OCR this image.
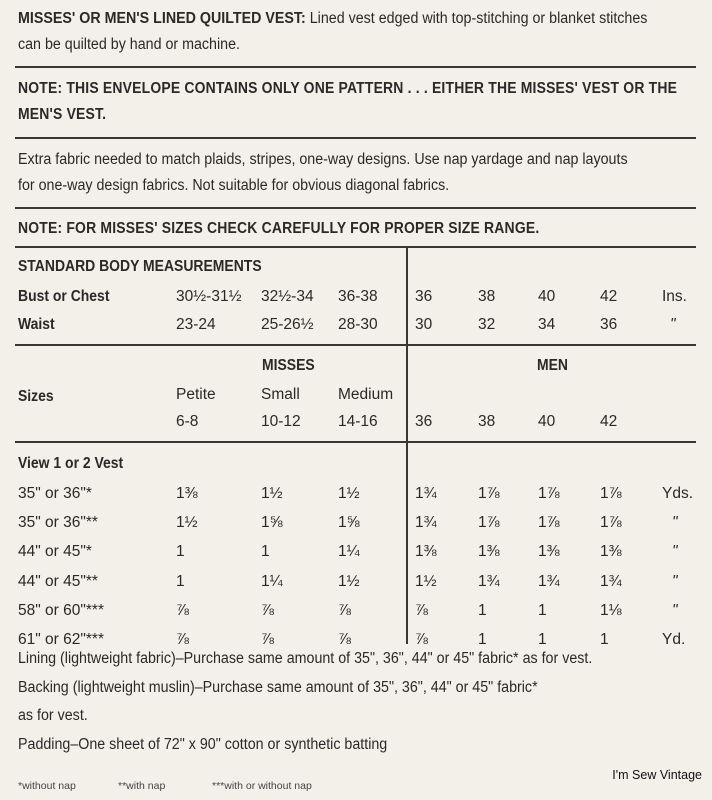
MISSES' OR MEN'S LINED QUILTED VEST: Lined vest edged with top-stitching or blanket stitches
can be quilted by hand or machine.
NOTE: THIS ENVELOPE CONTAINS ONLY ONE PATTERN . . . EITHER THE MISSES' VEST OR THE
MEN'S VEST.
Extra fabric needed to match plaids, stripes, one-way designs. Use nap yardage and nap layouts
for one-way design fabrics. Not suitable for obvious diagonal fabrics.
NOTE: FOR MISSES' SIZES CHECK CAREFULLY FOR PROPER SIZE RANGE.
STANDARD BODY MEASUREMENTS
Bust or Chest
Waist
30½-31½ 32½-34 36-38 36	38	40	42	Ins.
23-24	25-26½ 28-30 30	32	34	36	"
MISSES	MEN
Sizes	Petite	Small Medium
6-8	10-12 14-16 36	38	40	42
View 1 or 2 Vest
35" or 36"*	1⅜	1½	1½	1¾	1⅞ 1⅞	1⅞	Yds.
35" or 36"**	1½	1⅝	1⅝	1¾	1⅞ 1⅞	1⅞	"
44" or 45"*	1	1	1¼	1⅜	1⅜ 1⅜	1⅜	"
44" or 45"**	1	1¼	1½	1½	1¾ 1¾	1¾	"
58" or 60"***	⅞	⅞	⅞	⅞	1	1	1⅛	"
61" or 62"***	⅞	⅞	⅞	⅞	1	1	1	Yd.
Lining (lightweight fabric)–Purchase same amount of 35", 36", 44" or 45" fabric* as for vest.
Backing (lightweight muslin)–Purchase same amount of 35", 36", 44" or 45" fabric*
as for vest.
Padding–One sheet of 72" x 90" cotton or synthetic batting
*without nap	**with nap	***with or without nap
I'm Sew Vintage
